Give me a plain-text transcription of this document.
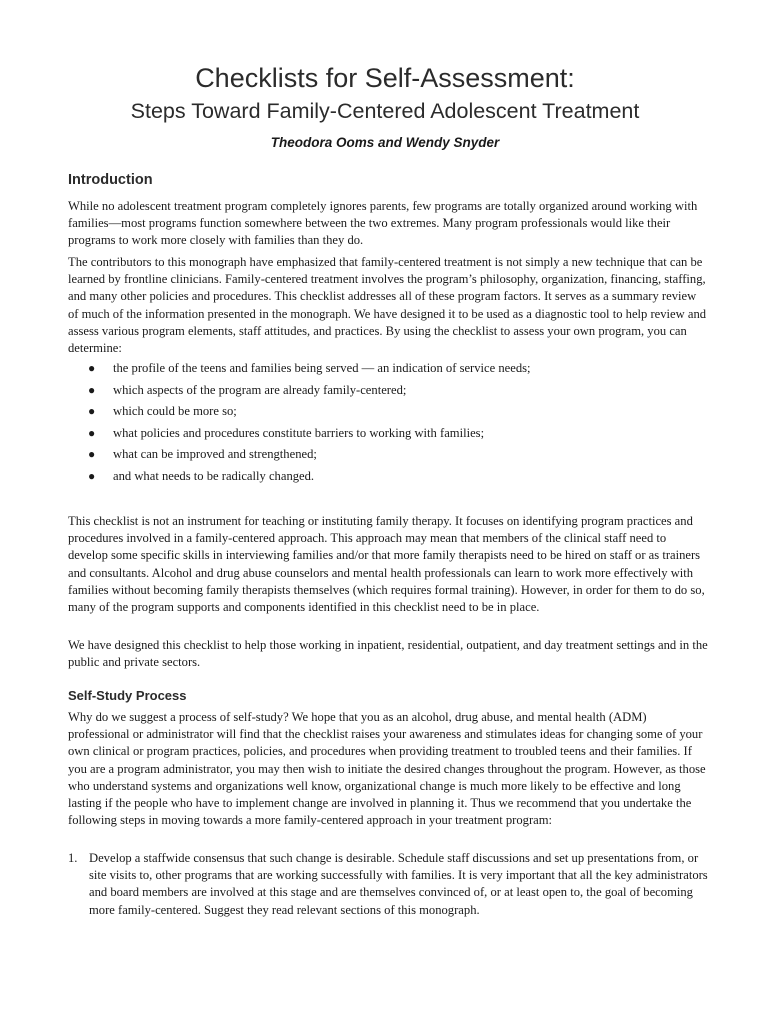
Checklists for Self-Assessment:
Steps Toward Family-Centered Adolescent Treatment
Theodora Ooms and Wendy Snyder
Introduction

While no adolescent treatment program completely ignores parents, few programs are totally organized around working with families—most programs function somewhere between the two extremes. Many program professionals would like their programs to work more closely with families than they do.

The contributors to this monograph have emphasized that family-centered treatment is not simply a new technique that can be learned by frontline clinicians. Family-centered treatment involves the program’s philosophy, organization, financing, staffing, and many other policies and procedures. This checklist addresses all of these program factors. It serves as a summary review of much of the information presented in the monograph. We have designed it to be used as a diagnostic tool to help review and assess various program elements, staff attitudes, and practices. By using the checklist to assess your own program, you can determine:

● the profile of the teens and families being served — an indication of service needs;
● which aspects of the program are already family-centered;
● which could be more so;
● what policies and procedures constitute barriers to working with families;
● what can be improved and strengthened;
● and what needs to be radically changed.

This checklist is not an instrument for teaching or instituting family therapy. It focuses on identifying program practices and procedures involved in a family-centered approach. This approach may mean that members of the clinical staff need to develop some specific skills in interviewing families and/or that more family therapists need to be hired on staff or as trainers and consultants. Alcohol and drug abuse counselors and mental health professionals can learn to work more effectively with families without becoming family therapists themselves (which requires formal training). However, in order for them to do so, many of the program supports and components identified in this checklist need to be in place.

We have designed this checklist to help those working in inpatient, residential, outpatient, and day treatment settings and in the public and private sectors.

Self-Study Process

Why do we suggest a process of self-study? We hope that you as an alcohol, drug abuse, and mental health (ADM) professional or administrator will find that the checklist raises your awareness and stimulates ideas for changing some of your own clinical or program practices, policies, and procedures when providing treatment to troubled teens and their families. If you are a program administrator, you may then wish to initiate the desired changes throughout the program. However, as those who understand systems and organizations well know, organizational change is much more likely to be effective and long lasting if the people who have to implement change are involved in planning it. Thus we recommend that you undertake the following steps in moving towards a more family-centered approach in your treatment program:

1. Develop a staffwide consensus that such change is desirable. Schedule staff discussions and set up presentations from, or site visits to, other programs that are working successfully with families. It is very important that all the key administrators and board members are involved at this stage and are themselves convinced of, or at least open to, the goal of becoming more family-centered. Suggest they read relevant sections of this monograph.
